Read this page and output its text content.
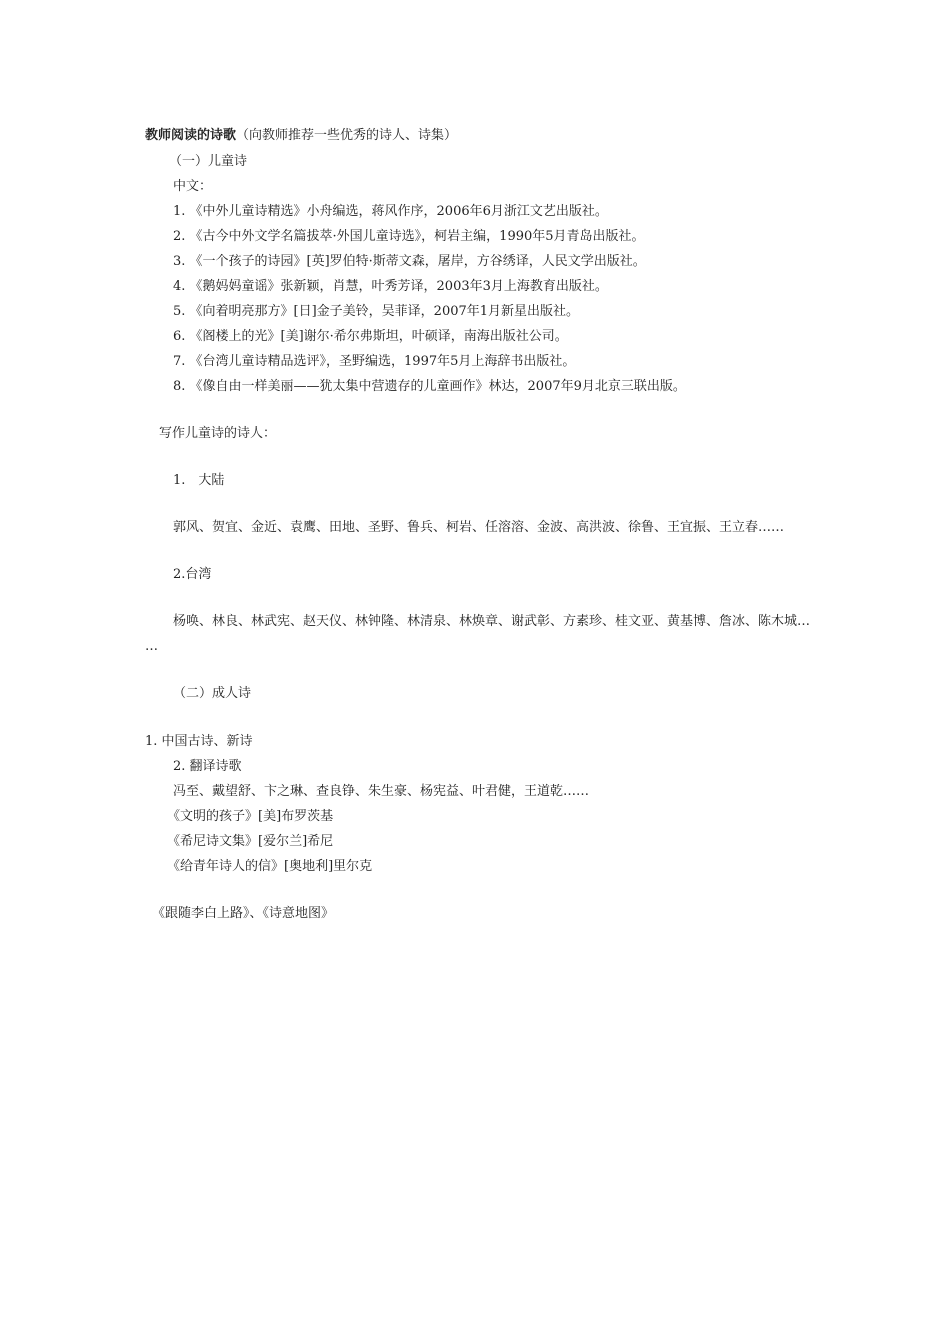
教师阅读的诗歌（向教师推荐一些优秀的诗人、诗集）
（一）儿童诗
中文：
1. 《中外儿童诗精选》小舟编选，蒋风作序，2006年6月浙江文艺出版社。
2. 《古今中外文学名篇拔萃·外国儿童诗选》，柯岩主编，1990年5月青岛出版社。
3. 《一个孩子的诗园》[英]罗伯特·斯蒂文森，屠岸，方谷绣译，人民文学出版社。
4. 《鹅妈妈童谣》张新颖，肖慧，叶秀芳译，2003年3月上海教育出版社。
5. 《向着明亮那方》[日]金子美铃，吴菲译，2007年1月新星出版社。
6. 《阁楼上的光》[美]谢尔·希尔弗斯坦，叶硕译，南海出版社公司。
7. 《台湾儿童诗精品选评》，圣野编选，1997年5月上海辞书出版社。
8. 《像自由一样美丽——犹太集中营遗存的儿童画作》林达，2007年9月北京三联出版。
写作儿童诗的诗人：
1.　大陆
郭风、贺宜、金近、袁鹰、田地、圣野、鲁兵、柯岩、任溶溶、金波、高洪波、徐鲁、王宜振、王立春……
2.台湾
杨唤、林良、林武宪、赵天仪、林钟隆、林清泉、林焕章、谢武彰、方素珍、桂文亚、黄基博、詹冰、陈木城…
…
（二）成人诗
1. 中国古诗、新诗
2. 翻译诗歌
冯至、戴望舒、卞之琳、查良铮、朱生豪、杨宪益、叶君健，王道乾……
《文明的孩子》[美]布罗茨基
《希尼诗文集》[爱尔兰]希尼
《给青年诗人的信》[奥地利]里尔克
《跟随李白上路》、《诗意地图》
